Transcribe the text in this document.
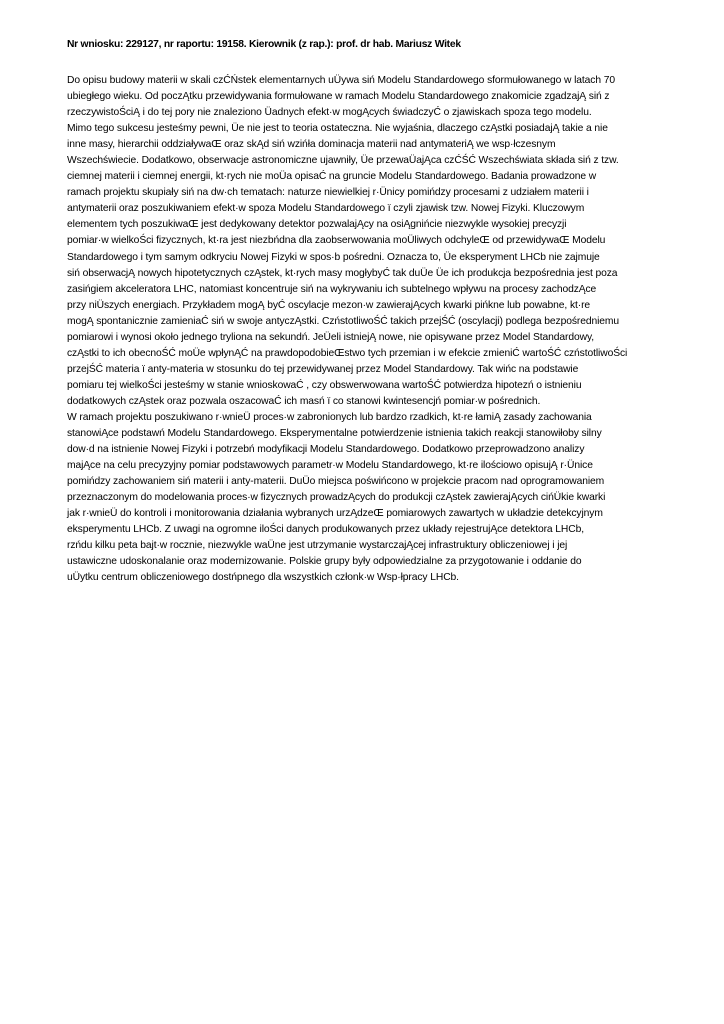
Nr wniosku: 229127, nr raportu: 19158. Kierownik (z rap.): prof. dr hab. Mariusz Witek
Do opisu budowy materii w skali czĆŃstek elementarnych uÜywa siń Modelu Standardowego sformułowanego w latach 70
ubiegłego wieku. Od poczĄtku przewidywania formułowane w ramach Modelu Standardowego znakomicie zgadzajĄ siń z
rzeczywistoŚciĄ i do tej pory nie znaleziono Üadnych efekt·w mogĄcych świadczyĆ o zjawiskach spoza tego modelu.
Mimo tego sukcesu jesteśmy pewni, Üe nie jest to teoria ostateczna. Nie wyjaśnia, dlaczego czĄstki posiadajĄ takie a nie
inne masy, hierarchii oddziaływaŒ oraz skĄd siń wzińła dominacja materii nad antymateriĄ we wsp·łczesnym
Wszechświecie. Dodatkowo, obserwacje astronomiczne ujawniły, Üe przewaÜajĄca czĆŚĆ Wszechświata składa siń z tzw.
ciemnej materii i ciemnej energii, kt·rych nie moÜa opisaĆ na gruncie Modelu Standardowego. Badania prowadzone w
ramach projektu skupiały siń na dw·ch tematach: naturze niewielkiej r·Ünicy pomińdzy procesami z udziałem materii i
antymaterii oraz poszukiwaniem efekt·w spoza Modelu Standardowego ï czyli zjawisk tzw. Nowej Fizyki. Kluczowym
elementem tych poszukiwaŒ jest dedykowany detektor pozwalajĄcy na osiĄgnińcie niezwykle wysokiej precyzji
pomiar·w wielkoŚci fizycznych, kt·ra jest niezbńdna dla zaobserwowania moÜliwych odchyleŒ od przewidywaŒ Modelu
Standardowego i tym samym odkryciu Nowej Fizyki w spos·b pośredni. Oznacza to, Üe eksperyment LHCb nie zajmuje
siń obserwacjĄ nowych hipotetycznych czĄstek, kt·rych masy mogłybyĆ tak duÜe Üe ich produkcja bezpośrednia jest poza
zasińgiem akceleratora LHC, natomiast koncentruje siń na wykrywaniu ich subtelnego wpływu na procesy zachodzĄce
przy niÜszych energiach. Przykładem mogĄ byĆ oscylacje mezon·w zawierajĄcych kwarki pińkne lub powabne, kt·re
mogĄ spontanicznie zamieniaĆ siń w swoje antyczĄstki. CzństotliwoŚĆ takich przejŚĆ (oscylacji) podlega bezpośredniemu
pomiarowi i wynosi około jednego tryliona na sekundń. JeÜeli istniejĄ nowe, nie opisywane przez Model Standardowy,
czĄstki to ich obecnoŚĆ moÜe wpłynĄĆ na prawdopodobieŒstwo tych przemian i w efekcie zmieniĆ wartoŚĆ czństotliwoŚci
przejŚĆ materia ï anty-materia w stosunku do tej przewidywanej przez Model Standardowy. Tak wińc na podstawie
pomiaru tej wielkoŚci jesteśmy w stanie wnioskowaĆ , czy obswerwowana wartoŚĆ potwierdza hipotezń o istnieniu
dodatkowych czĄstek oraz pozwala oszacowaĆ ich masń ï co stanowi kwintesencjń pomiar·w pośrednich.
W ramach projektu poszukiwano r·wnieÜ proces·w zabronionych lub bardzo rzadkich, kt·re łamiĄ zasady zachowania
stanowiĄce podstawń Modelu Standardowego. Eksperymentalne potwierdzenie istnienia takich reakcji stanowiłoby silny
dow·d na istnienie Nowej Fizyki i potrzebń modyfikacji Modelu Standardowego. Dodatkowo przeprowadzono analizy
majĄce na celu precyzyjny pomiar podstawowych parametr·w Modelu Standardowego, kt·re ilościowo opisujĄ r·Ünice
pomińdzy zachowaniem siń materii i anty-materii. DuÜo miejsca poświńcono w projekcie pracom nad oprogramowaniem
przeznaczonym do modelowania proces·w fizycznych prowadzĄcych do produkcji czĄstek zawierajĄcych cińÜkie kwarki
jak r·wnieÜ do kontroli i monitorowania działania wybranych urzĄdzeŒ pomiarowych zawartych w układzie detekcyjnym
eksperymentu LHCb. Z uwagi na ogromne iloŚci danych produkowanych przez układy rejestrujĄce detektora LHCb,
rzńdu kilku peta bajt·w rocznie, niezwykle waÜne jest utrzymanie wystarczajĄcej infrastruktury obliczeniowej i jej
ustawiczne udoskonalanie oraz modernizowanie. Polskie grupy były odpowiedzialne za przygotowanie i oddanie do
uÜytku centrum obliczeniowego dostńpnego dla wszystkich członk·w Wsp·łpracy LHCb.
